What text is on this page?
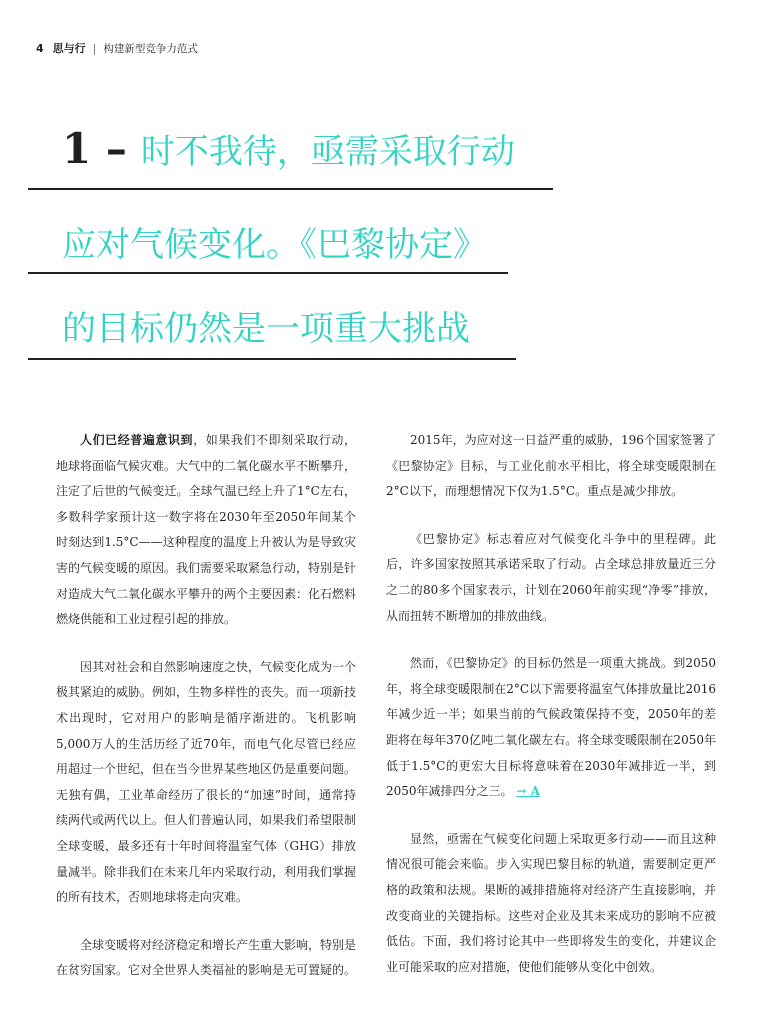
4 思与行 | 构建新型竞争力范式
1 – 时不我待，亟需采取行动
应对气候变化。《巴黎协定》
的目标仍然是一项重大挑战

人们已经普遍意识到，如果我们不即刻采取行动，地球将面临气候灾难。大气中的二氧化碳水平不断攀升，注定了后世的气候变迁。全球气温已经上升了1°C左右，多数科学家预计这一数字将在2030年至2050年间某个时刻达到1.5°C——这种程度的温度上升被认为是导致灾害的气候变暖的原因。我们需要采取紧急行动，特别是针对造成大气二氧化碳水平攀升的两个主要因素：化石燃料燃烧供能和工业过程引起的排放。

因其对社会和自然影响速度之快，气候变化成为一个极其紧迫的威胁。例如，生物多样性的丧失。而一项新技术出现时，它对用户的影响是循序渐进的。飞机影响5,000万人的生活历经了近70年，而电气化尽管已经应用超过一个世纪，但在当今世界某些地区仍是重要问题。无独有偶，工业革命经历了很长的“加速”时间，通常持续两代或两代以上。但人们普遍认同，如果我们希望限制全球变暖，最多还有十年时间将温室气体（GHG）排放量减半。除非我们在未来几年内采取行动，利用我们掌握的所有技术，否则地球将走向灾难。

全球变暖将对经济稳定和增长产生重大影响，特别是在贫穷国家。它对全世界人类福祉的影响是无可置疑的。

2015年，为应对这一日益严重的威胁，196个国家签署了《巴黎协定》目标，与工业化前水平相比，将全球变暖限制在2°C以下，而理想情况下仅为1.5°C。重点是减少排放。

《巴黎协定》标志着应对气候变化斗争中的里程碑。此后，许多国家按照其承诺采取了行动。占全球总排放量近三分之二的80多个国家表示，计划在2060年前实现“净零”排放，从而扭转不断增加的排放曲线。

然而，《巴黎协定》的目标仍然是一项重大挑战。到2050年，将全球变暖限制在2°C以下需要将温室气体排放量比2016年减少近一半；如果当前的气候政策保持不变，2050年的差距将在每年370亿吨二氧化碳左右。将全球变暖限制在2050年低于1.5°C的更宏大目标将意味着在2030年减排近一半，到2050年减排四分之三。 → A

显然，亟需在气候变化问题上采取更多行动——而且这种情况很可能会来临。步入实现巴黎目标的轨道，需要制定更严格的政策和法规。果断的减排措施将对经济产生直接影响，并改变商业的关键指标。这些对企业及其未来成功的影响不应被低估。下面，我们将讨论其中一些即将发生的变化，并建议企业可能采取的应对措施，使他们能够从变化中创效。
